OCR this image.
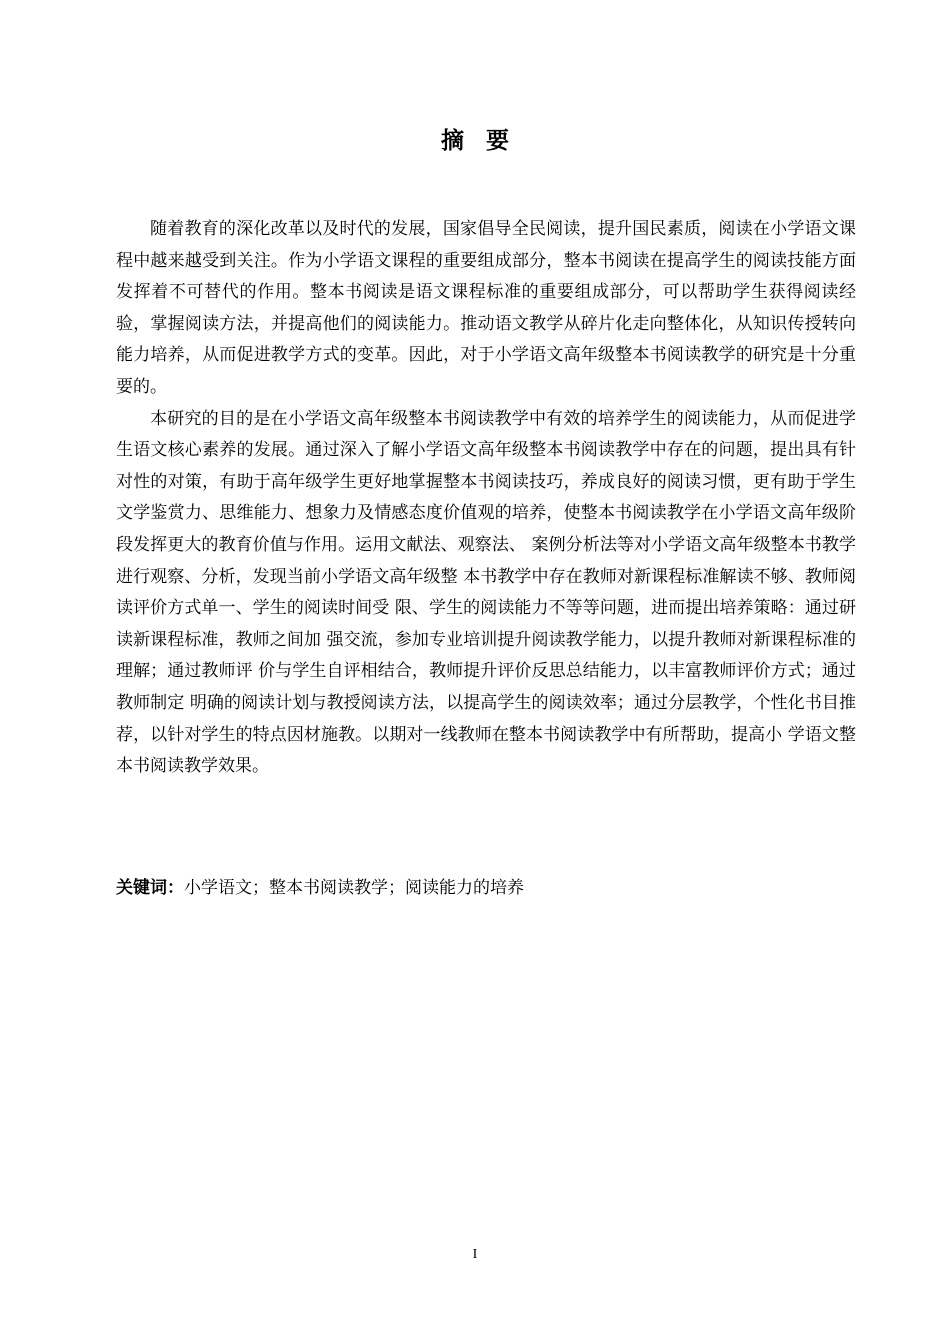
摘要

随着教育的深化改革以及时代的发展，国家倡导全民阅读，提升国民素质，阅读在小学语文课程中越来越受到关注。作为小学语文课程的重要组成部分，整本书阅读在提高学生的阅读技能方面发挥着不可替代的作用。整本书阅读是语文课程标准的重要组成部分，可以帮助学生获得阅读经验，掌握阅读方法，并提高他们的阅读能力。推动语文教学从碎片化走向整体化，从知识传授转向能力培养，从而促进教学方式的变革。因此，对于小学语文高年级整本书阅读教学的研究是十分重要的。

本研究的目的是在小学语文高年级整本书阅读教学中有效的培养学生的阅读能力，从而促进学生语文核心素养的发展。通过深入了解小学语文高年级整本书阅读教学中存在的问题，提出具有针对性的对策，有助于高年级学生更好地掌握整本书阅读技巧，养成良好的阅读习惯，更有助于学生文学鉴赏力、思维能力、想象力及情感态度价值观的培养，使整本书阅读教学在小学语文高年级阶段发挥更大的教育价值与作用。运用文献法、观察法、 案例分析法等对小学语文高年级整本书教学进行观察、分析，发现当前小学语文高年级整 本书教学中存在教师对新课程标准解读不够、教师阅读评价方式单一、学生的阅读时间受 限、学生的阅读能力不等等问题，进而提出培养策略：通过研读新课程标准，教师之间加 强交流，参加专业培训提升阅读教学能力，以提升教师对新课程标准的理解；通过教师评 价与学生自评相结合，教师提升评价反思总结能力，以丰富教师评价方式；通过教师制定 明确的阅读计划与教授阅读方法，以提高学生的阅读效率；通过分层教学，个性化书目推 荐，以针对学生的特点因材施教。以期对一线教师在整本书阅读教学中有所帮助，提高小 学语文整本书阅读教学效果。

关键词：小学语文；整本书阅读教学；阅读能力的培养
I
